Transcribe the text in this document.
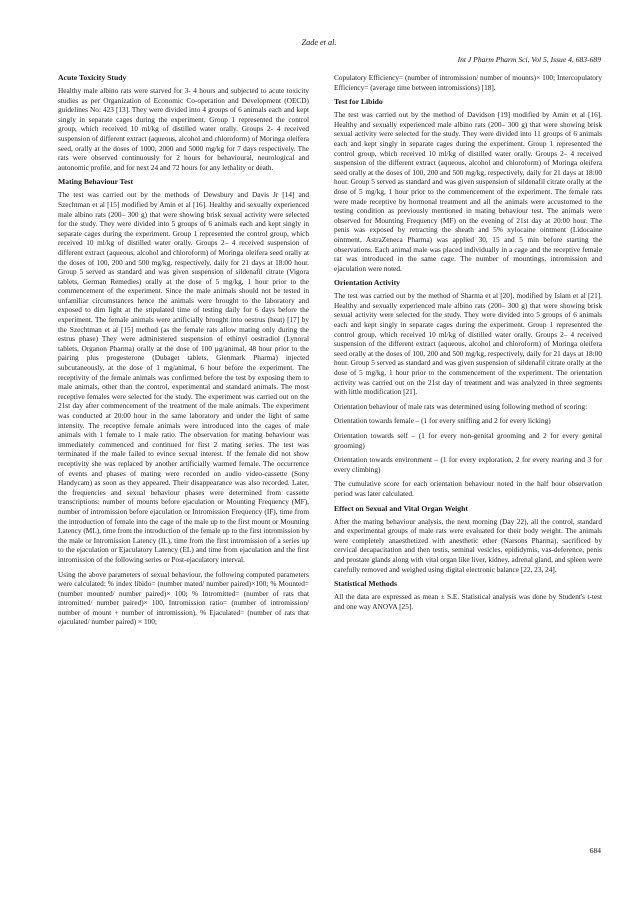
Zade et al.
Int J Pharm Pharm Sci, Vol 5, Issue 4, 683-689
Acute Toxicity Study

Healthy male albino rats were starved for 3- 4 hours and subjected to acute toxicity studies as per Organization of Economic Co-operation and Development (OECD) guidelines No: 423 [13]. They were divided into 4 groups of 6 animals each and kept singly in separate cages during the experiment. Group 1 represented the control group, which received 10 ml/kg of distilled water orally. Groups 2- 4 received suspension of different extract (aqueous, alcohol and chloroform) of Moringa oleifera seed, orally at the doses of 1000, 2000 and 5000 mg/kg for 7 days respectively. The rats were observed continuously for 2 hours for behavioural, neurological and autonomic profile, and for next 24 and 72 hours for any lethality or death.

Mating Behaviour Test

The test was carried out by the methods of Dewsbury and Davis Jr [14] and Szechtman et al [15] modified by Amin et al [16]. Healthy and sexually experienced male albino rats (200– 300 g) that were showing brisk sexual activity were selected for the study. They were divided into 5 groups of 6 animals each and kept singly in separate cages during the experiment. Group 1 represented the control group, which received 10 ml/kg of distilled water orally. Groups 2– 4 received suspension of different extract (aqueous, alcohol and chloroform) of Moringa oleifera seed orally at the doses of 100, 200 and 500 mg/kg, respectively, daily for 21 days at 18:00 hour. Group 5 served as standard and was given suspension of sildenafil citrate (Vigora tablets, German Remedies) orally at the dose of 5 mg/kg, 1 hour prior to the commencement of the experiment. Since the male animals should not be tested in unfamiliar circumstances hence the animals were brought to the laboratory and exposed to dim light at the stipulated time of testing daily for 6 days before the experiment. The female animals were artificially brought into oestrus (heat) [17] by the Szechtman et al [15] method (as the female rats allow mating only during the estrus phase) They were administered suspension of ethinyl oestradiol (Lynoral tablets, Organon Pharma) orally at the dose of 100 µg/animal, 48 hour prior to the pairing plus progesterone (Dubaget tablets, Glenmark Pharma) injected subcutaneously, at the dose of 1 mg/animal, 6 hour before the experiment. The receptivity of the female animals was confirmed before the test by exposing them to male animals, other than the control, experimental and standard animals. The most receptive females were selected for the study. The experiment was carried out on the 21st day after commencement of the treatment of the male animals. The experiment was conducted at 20:00 hour in the same laboratory and under the light of same intensity. The receptive female animals were introduced into the cages of male animals with 1 female to 1 male ratio. The observation for mating behaviour was immediately commenced and continued for first 2 mating series. The test was terminated if the male failed to evince sexual interest. If the female did not show receptivity she was replaced by another artificially warmed female. The occurrence of events and phases of mating were recorded on audio video-cassette (Sony Handycam) as soon as they appeared. Their disappearance was also recorded. Later, the frequencies and sexual behaviour phases were determined from cassette transcriptions: number of mounts before ejaculation or Mounting Frequency (MF), number of intromission before ejaculation or Intromission Frequency (IF), time from the introduction of female into the cage of the male up to the first mount or Mounting Latency (ML), time from the introduction of the female up to the first intromission by the male or Intromission Latency (IL), time from the first intromission of a series up to the ejaculation or Ejaculatory Latency (EL) and time from ejaculation and the first intromission of the following series or Post-ejaculatory interval.

Using the above parameters of sexual behaviour, the following computed parameters were calculated: % index libido= (number mated/ number paired)×100; % Mounted= (number mounted/ number paired)× 100; % Intromitted= (number of rats that intromitted/ number paired)× 100, Intromission ratio= (number of intromission/ number of mount + number of intromission), % Ejaculated= (number of rats that ejaculated/ number paired) × 100;

Copulatory Efficiency= (number of intromission/ number of mounts)× 100; Intercopulatory Efficiency= (average time between intromissions) [18].

Test for Libido

The test was carried out by the method of Davidson [19] modified by Amin et al [16]. Healthy and sexually experienced male albino rats (200– 300 g) that were showing brisk sexual activity were selected for the study. They were divided into 11 groups of 6 animals each and kept singly in separate cages during the experiment. Group 1 represented the control group, which received 10 ml/kg of distilled water orally. Groups 2– 4 received suspension of the different extract (aqueous, alcohol and chloroform) of Moringa oleifera seed orally at the doses of 100, 200 and 500 mg/kg, respectively, daily for 21 days at 18:00 hour. Group 5 served as standard and was given suspension of sildenafil citrate orally at the dose of 5 mg/kg, 1 hour prior to the commencement of the experiment. The female rats were made receptive by hormonal treatment and all the animals were accustomed to the testing condition as previously mentioned in mating behaviour test. The animals were observed for Mounting Frequency (MF) on the evening of 21st day at 20:00 hour. The penis was exposed by retracting the sheath and 5% xylocaine ointment (Lidocaine ointment, AstraZeneca Pharma) was applied 30, 15 and 5 min before starting the observations. Each animal male was placed individually in a cage and the receptive female rat was introduced in the same cage. The number of mountings, intromission and ejaculation were noted.

Orientation Activity

The test was carried out by the method of Sharma et al [20], modified by Islam et al [21]. Healthy and sexually experienced male albino rats (200– 300 g) that were showing brisk sexual activity were selected for the study. They were divided into 5 groups of 6 animals each and kept singly in separate cages during the experiment. Group 1 represented the control group, which received 10 ml/kg of distilled water orally. Groups 2– 4 received suspension of the different extract (aqueous, alcohol and chloroform) of Moringa oleifera seed orally at the doses of 100, 200 and 500 mg/kg, respectively, daily for 21 days at 18:00 hour. Group 5 served as standard and was given suspension of sildenafil citrate orally at the dose of 5 mg/kg, 1 hour prior to the commencement of the experiment. The orientation activity was carried out on the 21st day of treatment and was analyzed in three segments with little modification [21].

Orientation behaviour of male rats was determined using following method of scoring:

Orientation towards female – (1 for every sniffing and 2 for every licking)

Orientation towards self – (1 for every non-genital grooming and 2 for every genital grooming)

Orientation towards environment – (1 for every exploration, 2 for every rearing and 3 for every climbing)

The cumulative score for each orientation behaviour noted in the half hour observation period was later calculated.

Effect on Sexual and Vital Organ Weight

After the mating behaviour analysis, the next morning (Day 22), all the control, standard and experimental groups of male rats were evaluated for their body weight. The animals were completely anaesthetized with anesthetic ether (Narsons Pharma), sacrificed by cervical decapacitation and then testis, seminal vesicles, epididymis, vas-deference, penis and prostate glands along with vital organ like liver, kidney, adrenal gland, and spleen were carefully removed and weighed using digital electronic balance [22, 23, 24].

Statistical Methods

All the data are expressed as mean ± S.E. Statistical analysis was done by Student's t-test and one way ANOVA [25].

684
